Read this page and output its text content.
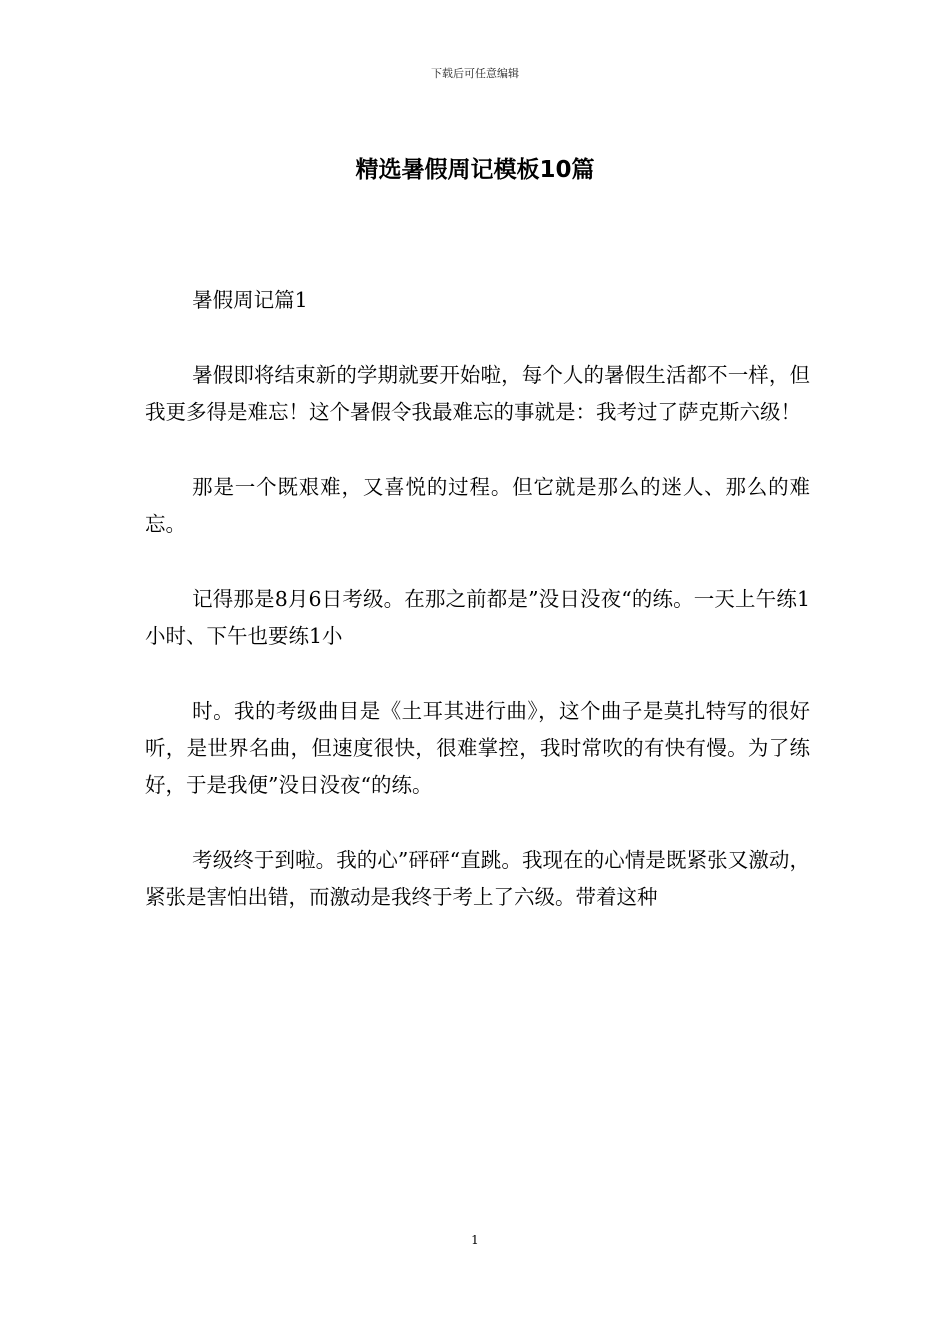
下载后可任意编辑
精选暑假周记模板10篇

暑假周记篇1

暑假即将结束新的学期就要开始啦，每个人的暑假生活都不一样，但我更多得是难忘！这个暑假令我最难忘的事就是：我考过了萨克斯六级！

那是一个既艰难，又喜悦的过程。但它就是那么的迷人、那么的难忘。

记得那是8月6日考级。在那之前都是”没日没夜“的练。一天上午练1小时、下午也要练1小

时。我的考级曲目是《土耳其进行曲》，这个曲子是莫扎特写的很好听，是世界名曲，但速度很快，很难掌控，我时常吹的有快有慢。为了练好，于是我便”没日没夜“的练。

考级终于到啦。我的心”砰砰“直跳。我现在的心情是既紧张又激动，紧张是害怕出错，而激动是我终于考上了六级。带着这种

1
